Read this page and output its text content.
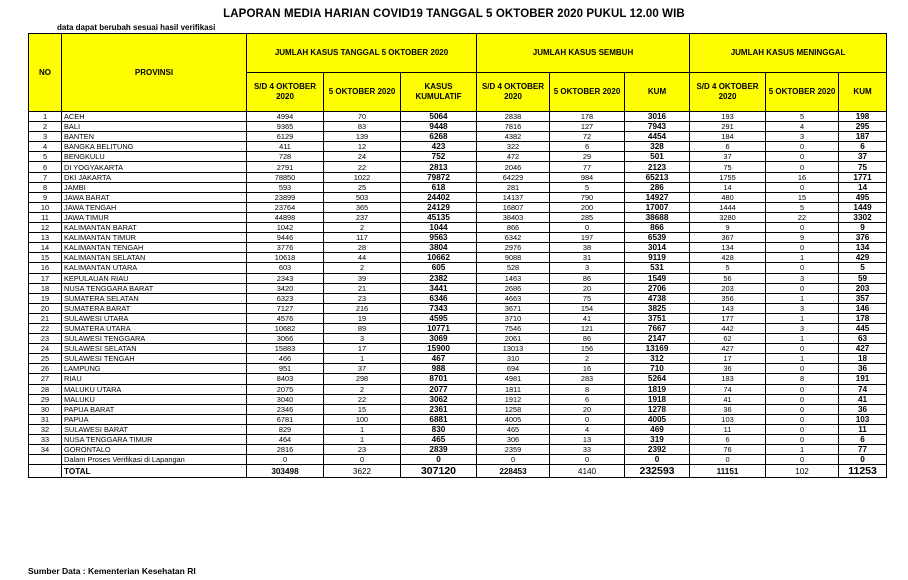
LAPORAN MEDIA HARIAN COVID19 TANGGAL 5 OKTOBER 2020 PUKUL 12.00 WIB
data dapat berubah sesuai hasil verifikasi
NO	PROVINSI	JUMLAH KASUS TANGGAL 5 OKTOBER 2020			JUMLAH KASUS SEMBUH			JUMLAH KASUS MENINGGAL		
		S/D 4 OKTOBER 2020	5 OKTOBER 2020	KASUS KUMULATIF	S/D 4 OKTOBER 2020	5 OKTOBER 2020	KUM	S/D 4 OKTOBER 2020	5 OKTOBER 2020	KUM
1	ACEH	4994	70	5064	2838	178	3016	193	5	198
2	BALI	9365	83	9448	7816	127	7943	291	4	295
3	BANTEN	6129	139	6268	4382	72	4454	184	3	187
4	BANGKA BELITUNG	411	12	423	322	6	328	6	0	6
5	BENGKULU	728	24	752	472	29	501	37	0	37
6	DI YOGYAKARTA	2791	22	2813	2046	77	2123	75	0	75
7	DKI JAKARTA	78850	1022	79872	64229	984	65213	1755	16	1771
8	JAMBI	593	25	618	281	5	286	14	0	14
9	JAWA BARAT	23899	503	24402	14137	790	14927	480	15	495
10	JAWA TENGAH	23764	365	24129	16807	200	17007	1444	5	1449
11	JAWA TIMUR	44898	237	45135	38403	285	38688	3280	22	3302
12	KALIMANTAN BARAT	1042	2	1044	866	0	866	9	0	9
13	KALIMANTAN TIMUR	9446	117	9563	6342	197	6539	367	9	376
14	KALIMANTAN TENGAH	3776	28	3804	2976	38	3014	134	0	134
15	KALIMANTAN SELATAN	10618	44	10662	9088	31	9119	428	1	429
16	KALIMANTAN UTARA	603	2	605	528	3	531	5	0	5
17	KEPULAUAN RIAU	2343	39	2382	1463	86	1549	56	3	59
18	NUSA TENGGARA BARAT	3420	21	3441	2686	20	2706	203	0	203
19	SUMATERA SELATAN	6323	23	6346	4663	75	4738	356	1	357
20	SUMATERA BARAT	7127	216	7343	3671	154	3825	143	3	146
21	SULAWESI UTARA	4576	19	4595	3710	41	3751	177	1	178
22	SUMATERA UTARA	10682	89	10771	7546	121	7667	442	3	445
23	SULAWESI TENGGARA	3066	3	3069	2061	86	2147	62	1	63
24	SULAWESI SELATAN	15883	17	15900	13013	156	13169	427	0	427
25	SULAWESI TENGAH	466	1	467	310	2	312	17	1	18
26	LAMPUNG	951	37	988	694	16	710	36	0	36
27	RIAU	8403	298	8701	4981	283	5264	183	8	191
28	MALUKU UTARA	2075	2	2077	1811	8	1819	74	0	74
29	MALUKU	3040	22	3062	1912	6	1918	41	0	41
30	PAPUA BARAT	2346	15	2361	1258	20	1278	36	0	36
31	PAPUA	6781	100	6881	4005	0	4005	103	0	103
32	SULAWESI BARAT	829	1	830	465	4	469	11	0	11
33	NUSA TENGGARA TIMUR	464	1	465	306	13	319	6	0	6
34	GORONTALO	2816	23	2839	2359	33	2392	76	1	77
	Dalam Proses Verifikasi di Lapangan	0	0	0	0	0	0	0	0	0
	TOTAL	303498	3622	307120	228453	4140	232593	11151	102	11253
Sumber Data : Kementerian Kesehatan RI
